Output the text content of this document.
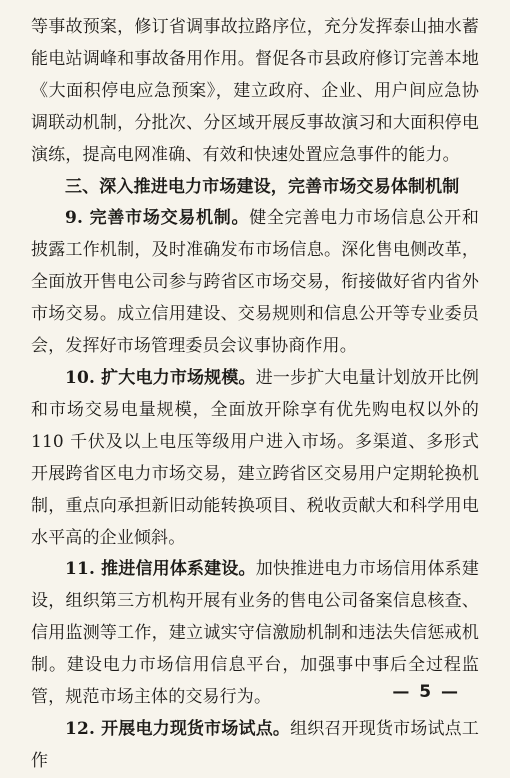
等事故预案，修订省调事故拉路序位，充分发挥泰山抽水蓄能电站调峰和事故备用作用。督促各市县政府修订完善本地《大面积停电应急预案》，建立政府、企业、用户间应急协调联动机制，分批次、分区域开展反事故演习和大面积停电演练，提高电网准确、有效和快速处置应急事件的能力。

三、深入推进电力市场建设，完善市场交易体制机制

9. 完善市场交易机制。健全完善电力市场信息公开和披露工作机制，及时准确发布市场信息。深化售电侧改革，全面放开售电公司参与跨省区市场交易，衔接做好省内省外市场交易。成立信用建设、交易规则和信息公开等专业委员会，发挥好市场管理委员会议事协商作用。

10. 扩大电力市场规模。进一步扩大电量计划放开比例和市场交易电量规模，全面放开除享有优先购电权以外的 110 千伏及以上电压等级用户进入市场。多渠道、多形式开展跨省区电力市场交易，建立跨省区交易用户定期轮换机制，重点向承担新旧动能转换项目、税收贡献大和科学用电水平高的企业倾斜。

11. 推进信用体系建设。加快推进电力市场信用体系建设，组织第三方机构开展有业务的售电公司备案信息核查、信用监测等工作，建立诚实守信激励机制和违法失信惩戒机制。建设电力市场信用信息平台，加强事中事后全过程监管，规范市场主体的交易行为。

12. 开展电力现货市场试点。组织召开现货市场试点工作

— 5 —
